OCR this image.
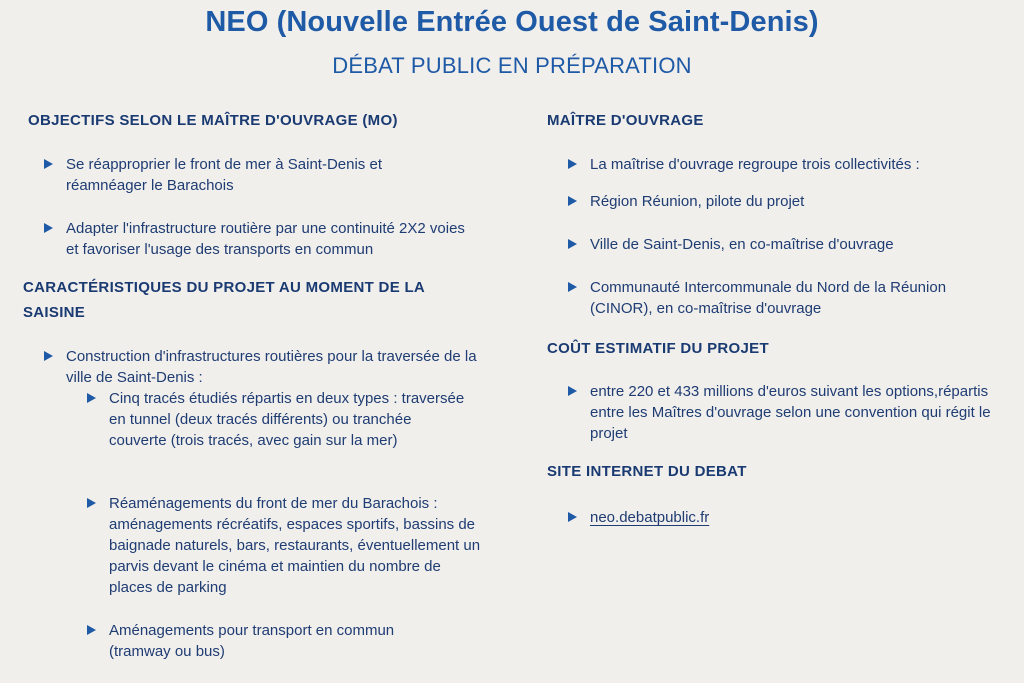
NEO (Nouvelle Entrée Ouest de Saint-Denis)
DÉBAT PUBLIC EN PRÉPARATION
OBJECTIFS SELON LE MAÎTRE D'OUVRAGE (MO)
Se réapproprier le front de mer à Saint-Denis et réamnéager le Barachois
Adapter l'infrastructure routière par une continuité 2X2 voies et favoriser l'usage des transports en commun
CARACTÉRISTIQUES DU PROJET AU MOMENT DE LA SAISINE
Construction d'infrastructures routières pour la traversée de la ville de Saint-Denis :
Cinq tracés étudiés répartis en deux types : traversée en tunnel (deux tracés différents) ou tranchée couverte (trois tracés, avec gain sur la mer)
Réaménagements du front de mer du Barachois : aménagements récréatifs, espaces sportifs, bassins de baignade naturels, bars, restaurants, éventuellement un parvis devant le cinéma et maintien du nombre de places de parking
Aménagements pour transport en commun (tramway ou bus)
MAÎTRE D'OUVRAGE
La maîtrise d'ouvrage regroupe trois collectivités :
Région Réunion, pilote du projet
Ville de Saint-Denis, en co-maîtrise d'ouvrage
Communauté Intercommunale du Nord de la Réunion (CINOR), en co-maîtrise d'ouvrage
COÛT ESTIMATIF DU PROJET
entre 220 et 433 millions d'euros suivant les options,répartis entre les Maîtres d'ouvrage selon une convention qui régit le projet
SITE INTERNET DU DEBAT
neo.debatpublic.fr
